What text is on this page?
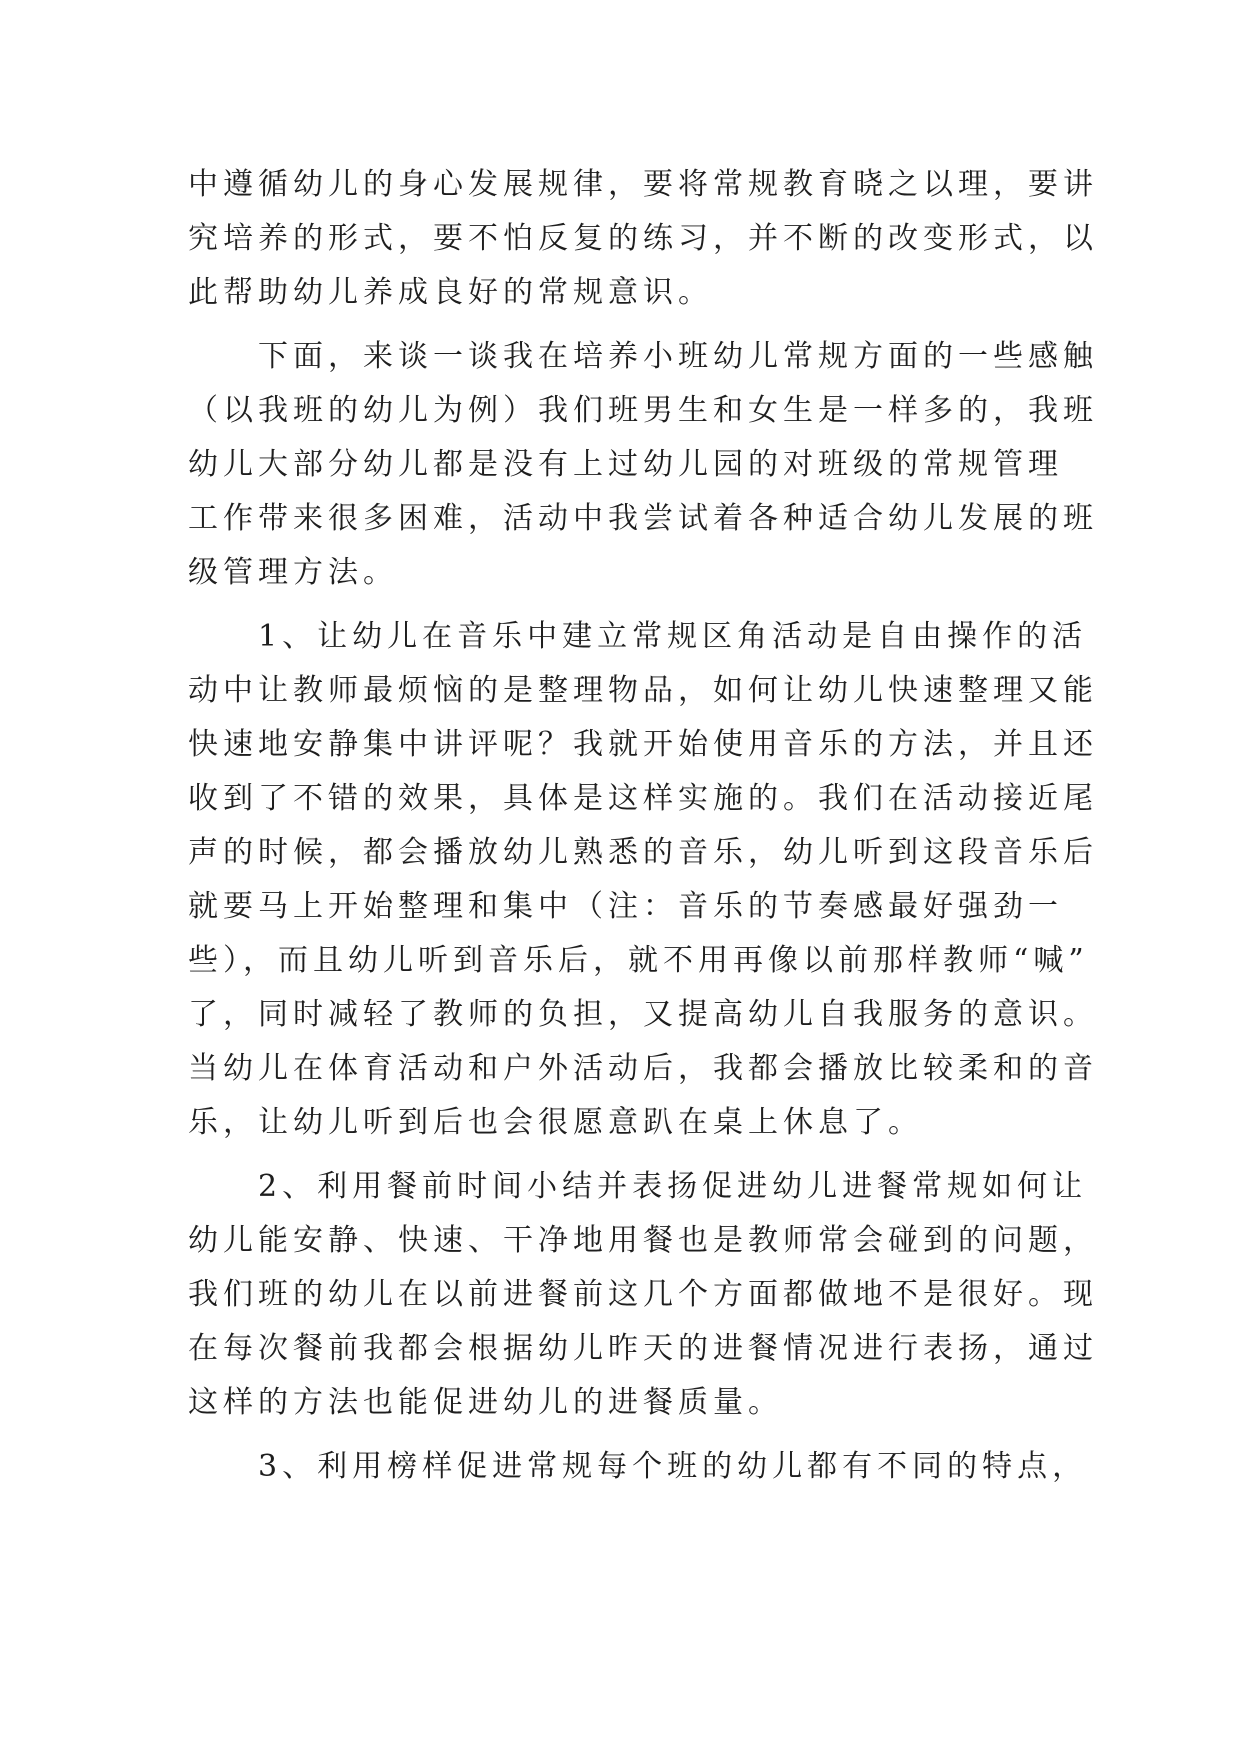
中遵循幼儿的身心发展规律，要将常规教育晓之以理，要讲
究培养的形式，要不怕反复的练习，并不断的改变形式，以
此帮助幼儿养成良好的常规意识。
　　下面，来谈一谈我在培养小班幼儿常规方面的一些感触
（以我班的幼儿为例）我们班男生和女生是一样多的，我班
幼儿大部分幼儿都是没有上过幼儿园的对班级的常规管理
工作带来很多困难，活动中我尝试着各种适合幼儿发展的班
级管理方法。
　　1、让幼儿在音乐中建立常规区角活动是自由操作的活
动中让教师最烦恼的是整理物品，如何让幼儿快速整理又能
快速地安静集中讲评呢？我就开始使用音乐的方法，并且还
收到了不错的效果，具体是这样实施的。我们在活动接近尾
声的时候，都会播放幼儿熟悉的音乐，幼儿听到这段音乐后
就要马上开始整理和集中（注：音乐的节奏感最好强劲一
些），而且幼儿听到音乐后，就不用再像以前那样教师“喊”
了，同时减轻了教师的负担，又提高幼儿自我服务的意识。
当幼儿在体育活动和户外活动后，我都会播放比较柔和的音
乐，让幼儿听到后也会很愿意趴在桌上休息了。
　　2、利用餐前时间小结并表扬促进幼儿进餐常规如何让
幼儿能安静、快速、干净地用餐也是教师常会碰到的问题，
我们班的幼儿在以前进餐前这几个方面都做地不是很好。现
在每次餐前我都会根据幼儿昨天的进餐情况进行表扬，通过
这样的方法也能促进幼儿的进餐质量。
　　3、利用榜样促进常规每个班的幼儿都有不同的特点，
